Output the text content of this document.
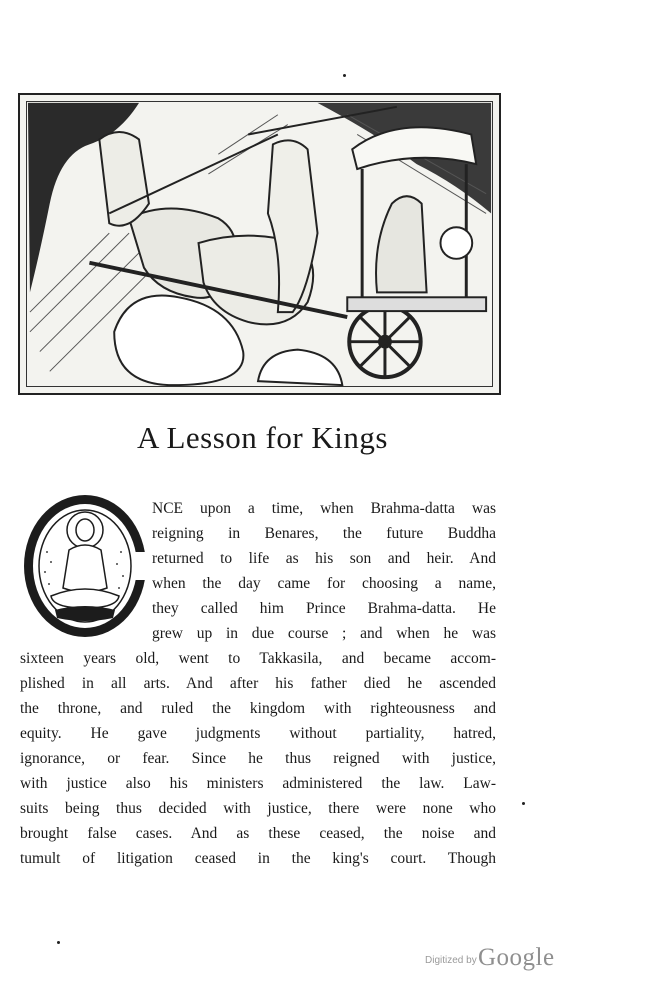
A Lesson for Kings
NCE upon a time, when Brahma-datta was
reigning in Benares, the future Buddha
returned to life as his son and heir. And
when the day came for choosing a name,
they called him Prince Brahma-datta. He
grew up in due course ; and when he was
sixteen years old, went to Takkasila, and became accom-
plished in all arts. And after his father died he ascended
the throne, and ruled the kingdom with righteousness and
equity. He gave judgments without partiality, hatred,
ignorance, or fear. Since he thus reigned with justice,
with justice also his ministers administered the law. Law-
suits being thus decided with justice, there were none who
brought false cases. And as these ceased, the noise and
tumult of litigation ceased in the king's court. Though
Digitized by Google
